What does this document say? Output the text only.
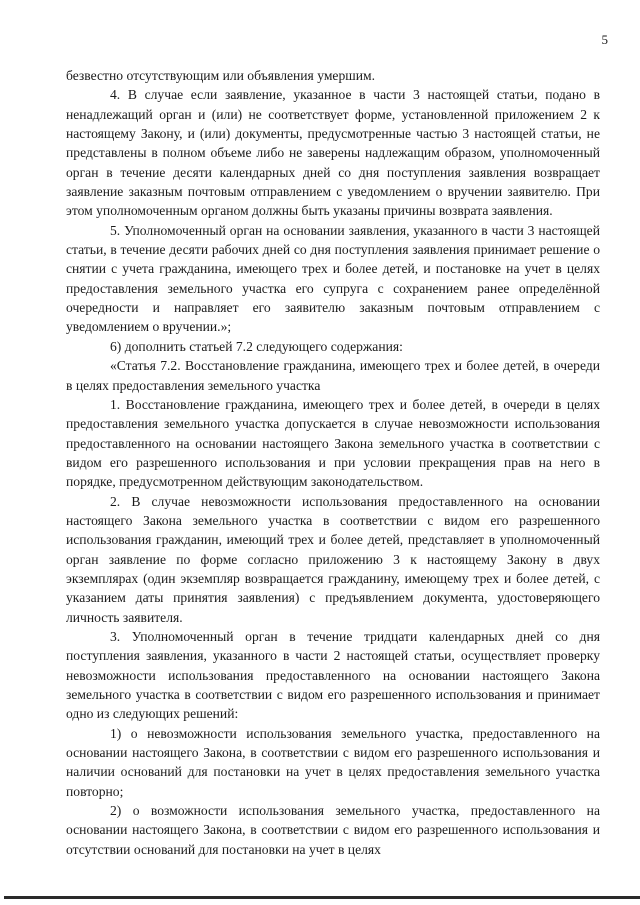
5

безвестно отсутствующим или объявления умершим.

4. В случае если заявление, указанное в части 3 настоящей статьи, подано в ненадлежащий орган и (или) не соответствует форме, установленной приложением 2 к настоящему Закону, и (или) документы, предусмотренные частью 3 настоящей статьи, не представлены в полном объеме либо не заверены надлежащим образом, уполномоченный орган в течение десяти календарных дней со дня поступления заявления возвращает заявление заказным почтовым отправлением с уведомлением о вручении заявителю. При этом уполномоченным органом должны быть указаны причины возврата заявления.

5. Уполномоченный орган на основании заявления, указанного в части 3 настоящей статьи, в течение десяти рабочих дней со дня поступления заявления принимает решение о снятии с учета гражданина, имеющего трех и более детей, и постановке на учет в целях предоставления земельного участка его супруга с сохранением ранее определённой очередности и направляет его заявителю заказным почтовым отправлением с уведомлением о вручении.»;

6) дополнить статьей 7.2 следующего содержания:

«Статья 7.2. Восстановление гражданина, имеющего трех и более детей, в очереди в целях предоставления земельного участка

1. Восстановление гражданина, имеющего трех и более детей, в очереди в целях предоставления земельного участка допускается в случае невозможности использования предоставленного на основании настоящего Закона земельного участка в соответствии с видом его разрешенного использования и при условии прекращения прав на него в порядке, предусмотренном действующим законодательством.

2. В случае невозможности использования предоставленного на основании настоящего Закона земельного участка в соответствии с видом его разрешенного использования гражданин, имеющий трех и более детей, представляет в уполномоченный орган заявление по форме согласно приложению 3 к настоящему Закону в двух экземплярах (один экземпляр возвращается гражданину, имеющему трех и более детей, с указанием даты принятия заявления) с предъявлением документа, удостоверяющего личность заявителя.

3. Уполномоченный орган в течение тридцати календарных дней со дня поступления заявления, указанного в части 2 настоящей статьи, осуществляет проверку невозможности использования предоставленного на основании настоящего Закона земельного участка в соответствии с видом его разрешенного использования и принимает одно из следующих решений:

1) о невозможности использования земельного участка, предоставленного на основании настоящего Закона, в соответствии с видом его разрешенного использования и наличии оснований для постановки на учет в целях предоставления земельного участка повторно;

2) о возможности использования земельного участка, предоставленного на основании настоящего Закона, в соответствии с видом его разрешенного использования и отсутствии оснований для постановки на учет в целях
